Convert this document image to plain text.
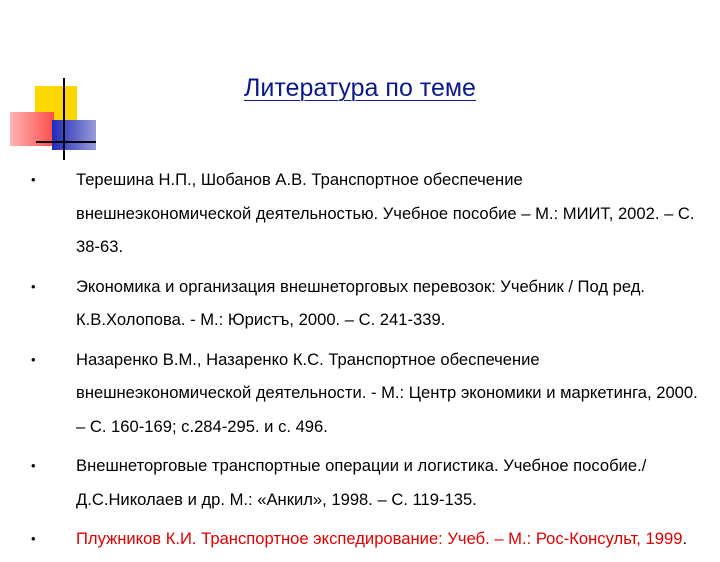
Литература по теме
• Терешина Н.П., Шобанов А.В. Транспортное обеспечение внешнеэкономической деятельностью. Учебное пособие – М.: МИИТ, 2002. – С. 38-63.
• Экономика и организация внешнеторговых перевозок: Учебник / Под ред. К.В.Холопова. - М.: Юристъ, 2000. – С. 241-339.
• Назаренко В.М., Назаренко К.С. Транспортное обеспечение внешнеэкономической деятельности. - М.: Центр экономики и маркетинга, 2000. – С. 160-169; с.284-295. и с. 496.
• Внешнеторговые транспортные операции и логистика. Учебное пособие./ Д.С.Николаев и др. М.: «Анкил», 1998. – С. 119-135.
• Плужников К.И. Транспортное экспедирование: Учеб. – М.: Рос-Консульт, 1999.
